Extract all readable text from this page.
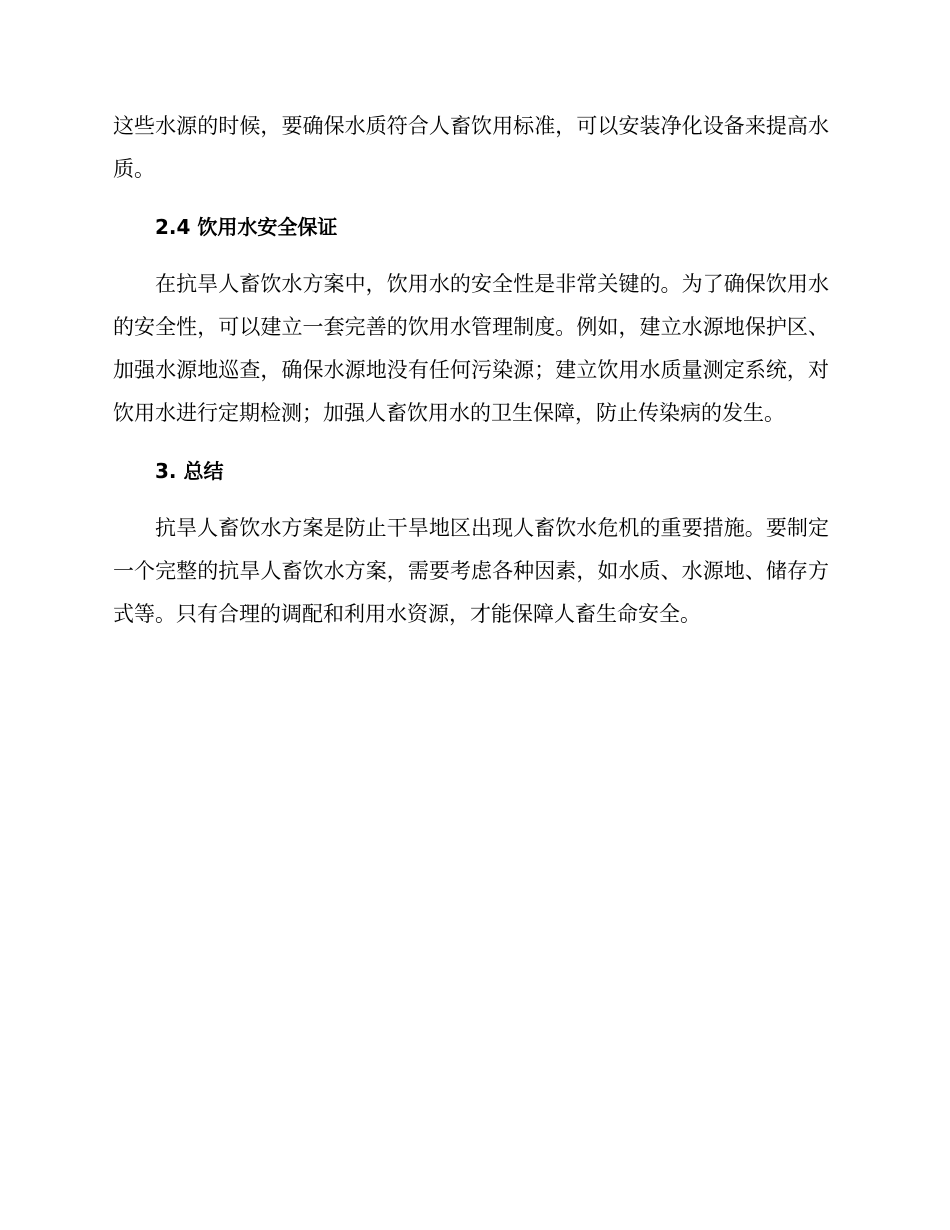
这些水源的时候，要确保水质符合人畜饮用标准，可以安装净化设备来提高水质。

2.4 饮用水安全保证

在抗旱人畜饮水方案中，饮用水的安全性是非常关键的。为了确保饮用水的安全性，可以建立一套完善的饮用水管理制度。例如，建立水源地保护区、加强水源地巡查，确保水源地没有任何污染源；建立饮用水质量测定系统，对饮用水进行定期检测；加强人畜饮用水的卫生保障，防止传染病的发生。

3. 总结

抗旱人畜饮水方案是防止干旱地区出现人畜饮水危机的重要措施。要制定一个完整的抗旱人畜饮水方案，需要考虑各种因素，如水质、水源地、储存方式等。只有合理的调配和利用水资源，才能保障人畜生命安全。
